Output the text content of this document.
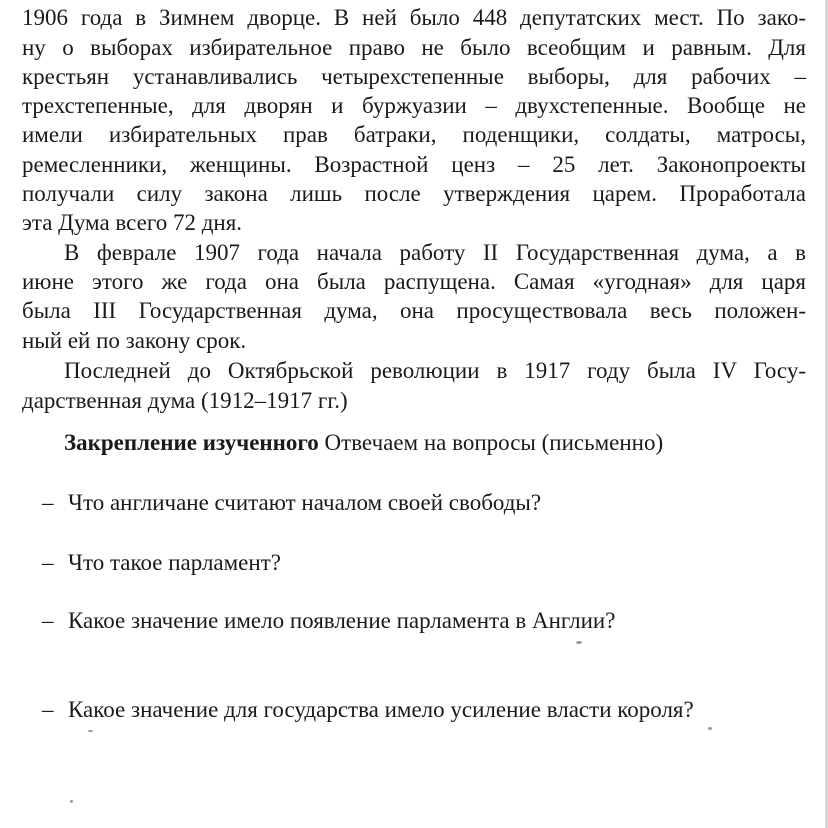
1906 года в Зимнем дворце. В ней было 448 депутатских мест. По зако-
ну о выборах избирательное право не было всеобщим и равным. Для
крестьян устанавливались четырехстепенные выборы, для рабочих –
трехстепенные, для дворян и буржуазии – двухстепенные. Вообще не
имели избирательных прав батраки, поденщики, солдаты, матросы,
ремесленники, женщины. Возрастной ценз – 25 лет. Законопроекты
получали силу закона лишь после утверждения царем. Проработала
эта Дума всего 72 дня.
В феврале 1907 года начала работу II Государственная дума, а в
июне этого же года она была распущена. Самая «угодная» для царя
была III Государственная дума, она просуществовала весь положен-
ный ей по закону срок.
Последней до Октябрьской революции в 1917 году была IV Госу-
дарственная дума (1912–1917 гг.)
Закрепление изученного Отвечаем на вопросы (письменно)
– Что англичане считают началом своей свободы?
– Что такое парламент?
– Какое значение имело появление парламента в Англии?
– Какое значение для государства имело усиление власти короля?
